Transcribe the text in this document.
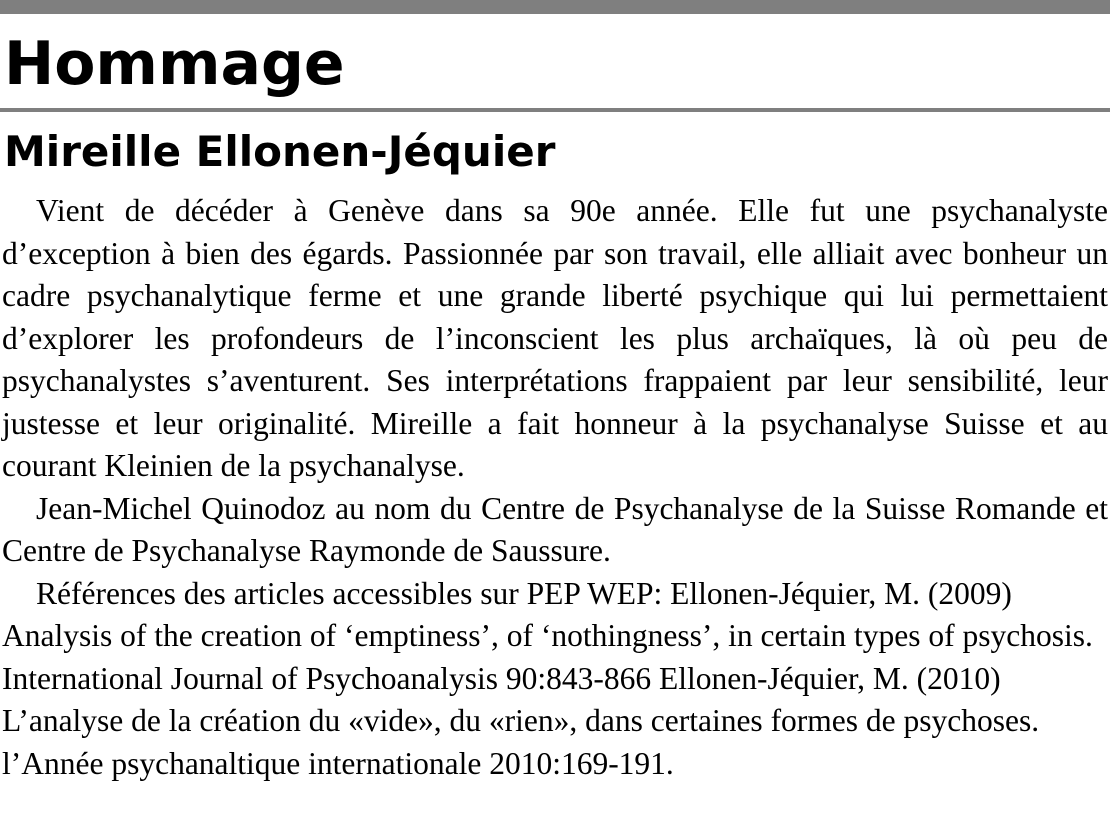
Hommage
Mireille Ellonen-Jéquier

Vient de décéder à Genève dans sa 90e année. Elle fut une psychanalyste d’exception à bien des égards. Passionnée par son travail, elle alliait avec bonheur un cadre psychanalytique ferme et une grande liberté psychique qui lui permettaient d’explorer les profondeurs de l’inconscient les plus archaïques, là où peu de psychanalystes s’aventurent. Ses interprétations frappaient par leur sensibilité, leur justesse et leur originalité. Mireille a fait honneur à la psychanalyse Suisse et au courant Kleinien de la psychanalyse.

Jean-Michel Quinodoz au nom du Centre de Psychanalyse de la Suisse Romande et Centre de Psychanalyse Raymonde de Saussure.

Références des articles accessibles sur PEP WEP: Ellonen-Jéquier, M. (2009) Analysis of the creation of ‘emptiness’, of ‘nothingness’, in certain types of psychosis. International Journal of Psychoanalysis 90:843-866 Ellonen-Jéquier, M. (2010) L’analyse de la création du «vide», du «rien», dans certaines formes de psychoses. l’Année psychanaltique internationale 2010:169-191.
